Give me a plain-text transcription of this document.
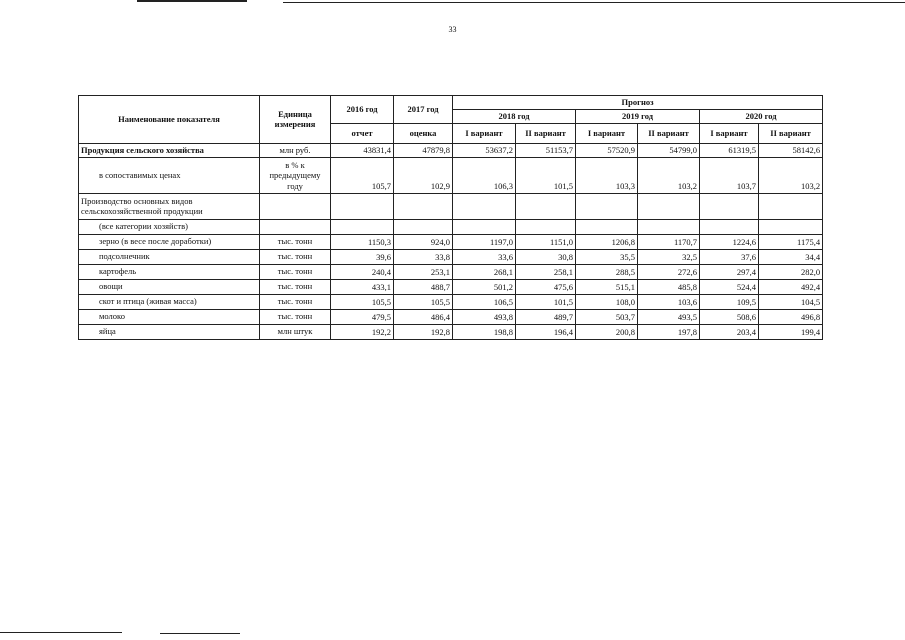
33
Наименование показателя	Единица измерения	2016 год	2017 год	Прогноз					
				2018 год		2019 год		2020 год	
		отчет	оценка	I вариант	II вариант	I вариант	II вариант	I вариант	II вариант
Продукция сельского хозяйства	млн руб.	43831,4	47879,8	53637,2	51153,7	57520,9	54799,0	61319,5	58142,6
в сопоставимых ценах	в % к предыдущему году	105,7	102,9	106,3	101,5	103,3	103,2	103,7	103,2
Производство основных видов сельскохозяйственной продукции									
(все категории хозяйств)									
зерно (в весе после доработки)	тыс. тонн	1150,3	924,0	1197,0	1151,0	1206,8	1170,7	1224,6	1175,4
подсолнечник	тыс. тонн	39,6	33,8	33,6	30,8	35,5	32,5	37,6	34,4
картофель	тыс. тонн	240,4	253,1	268,1	258,1	288,5	272,6	297,4	282,0
овощи	тыс. тонн	433,1	488,7	501,2	475,6	515,1	485,8	524,4	492,4
скот и птица (живая масса)	тыс. тонн	105,5	105,5	106,5	101,5	108,0	103,6	109,5	104,5
молоко	тыс. тонн	479,5	486,4	493,8	489,7	503,7	493,5	508,6	496,8
яйца	млн штук	192,2	192,8	198,8	196,4	200,8	197,8	203,4	199,4
